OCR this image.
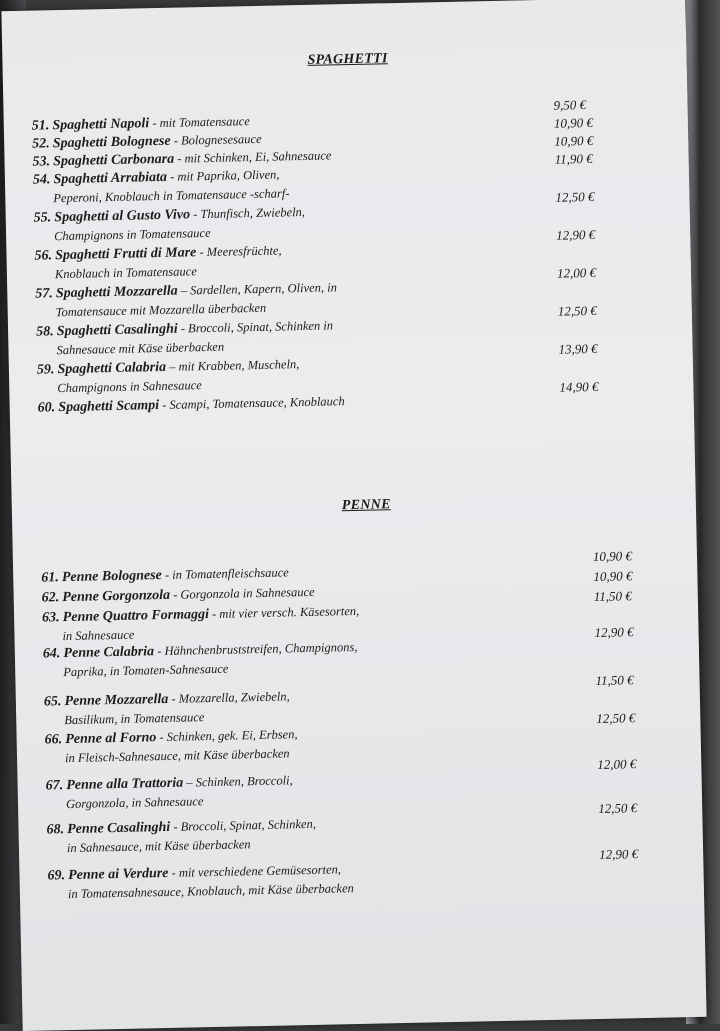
SPAGHETTI
PENNE
51. Spaghetti Napoli - mit Tomatensauce
9,50 €
52. Spaghetti Bolognese - Bolognesesauce
10,90 €
53. Spaghetti Carbonara - mit Schinken, Ei, Sahnesauce
10,90 €
54. Spaghetti Arrabiata - mit Paprika, Oliven,
Peperoni, Knoblauch in Tomatensauce -scharf-
11,90 €
55. Spaghetti al Gusto Vivo - Thunfisch, Zwiebeln,
Champignons in Tomatensauce
12,50 €
56. Spaghetti Frutti di Mare - Meeresfrüchte,
Knoblauch in Tomatensauce
12,90 €
57. Spaghetti Mozzarella – Sardellen, Kapern, Oliven, in
Tomatensauce mit Mozzarella überbacken
12,00 €
58. Spaghetti Casalinghi - Broccoli, Spinat, Schinken in
Sahnesauce mit Käse überbacken
12,50 €
59. Spaghetti Calabria – mit Krabben, Muscheln,
Champignons in Sahnesauce
13,90 €
60. Spaghetti Scampi - Scampi, Tomatensauce, Knoblauch
14,90 €
61. Penne Bolognese - in Tomatenfleischsauce
10,90 €
62. Penne Gorgonzola - Gorgonzola in Sahnesauce
10,90 €
63. Penne Quattro Formaggi - mit vier versch. Käsesorten,
in Sahnesauce
11,50 €
64. Penne Calabria - Hähnchenbruststreifen, Champignons,
Paprika, in Tomaten-Sahnesauce
12,90 €
65. Penne Mozzarella - Mozzarella, Zwiebeln,
Basilikum, in Tomatensauce
11,50 €
66. Penne al Forno - Schinken, gek. Ei, Erbsen,
in Fleisch-Sahnesauce, mit Käse überbacken
12,50 €
67. Penne alla Trattoria – Schinken, Broccoli,
Gorgonzola, in Sahnesauce
12,00 €
68. Penne Casalinghi - Broccoli, Spinat, Schinken,
in Sahnesauce, mit Käse überbacken
12,50 €
69. Penne ai Verdure - mit verschiedene Gemüsesorten,
in Tomatensahnesauce, Knoblauch, mit Käse überbacken
12,90 €
